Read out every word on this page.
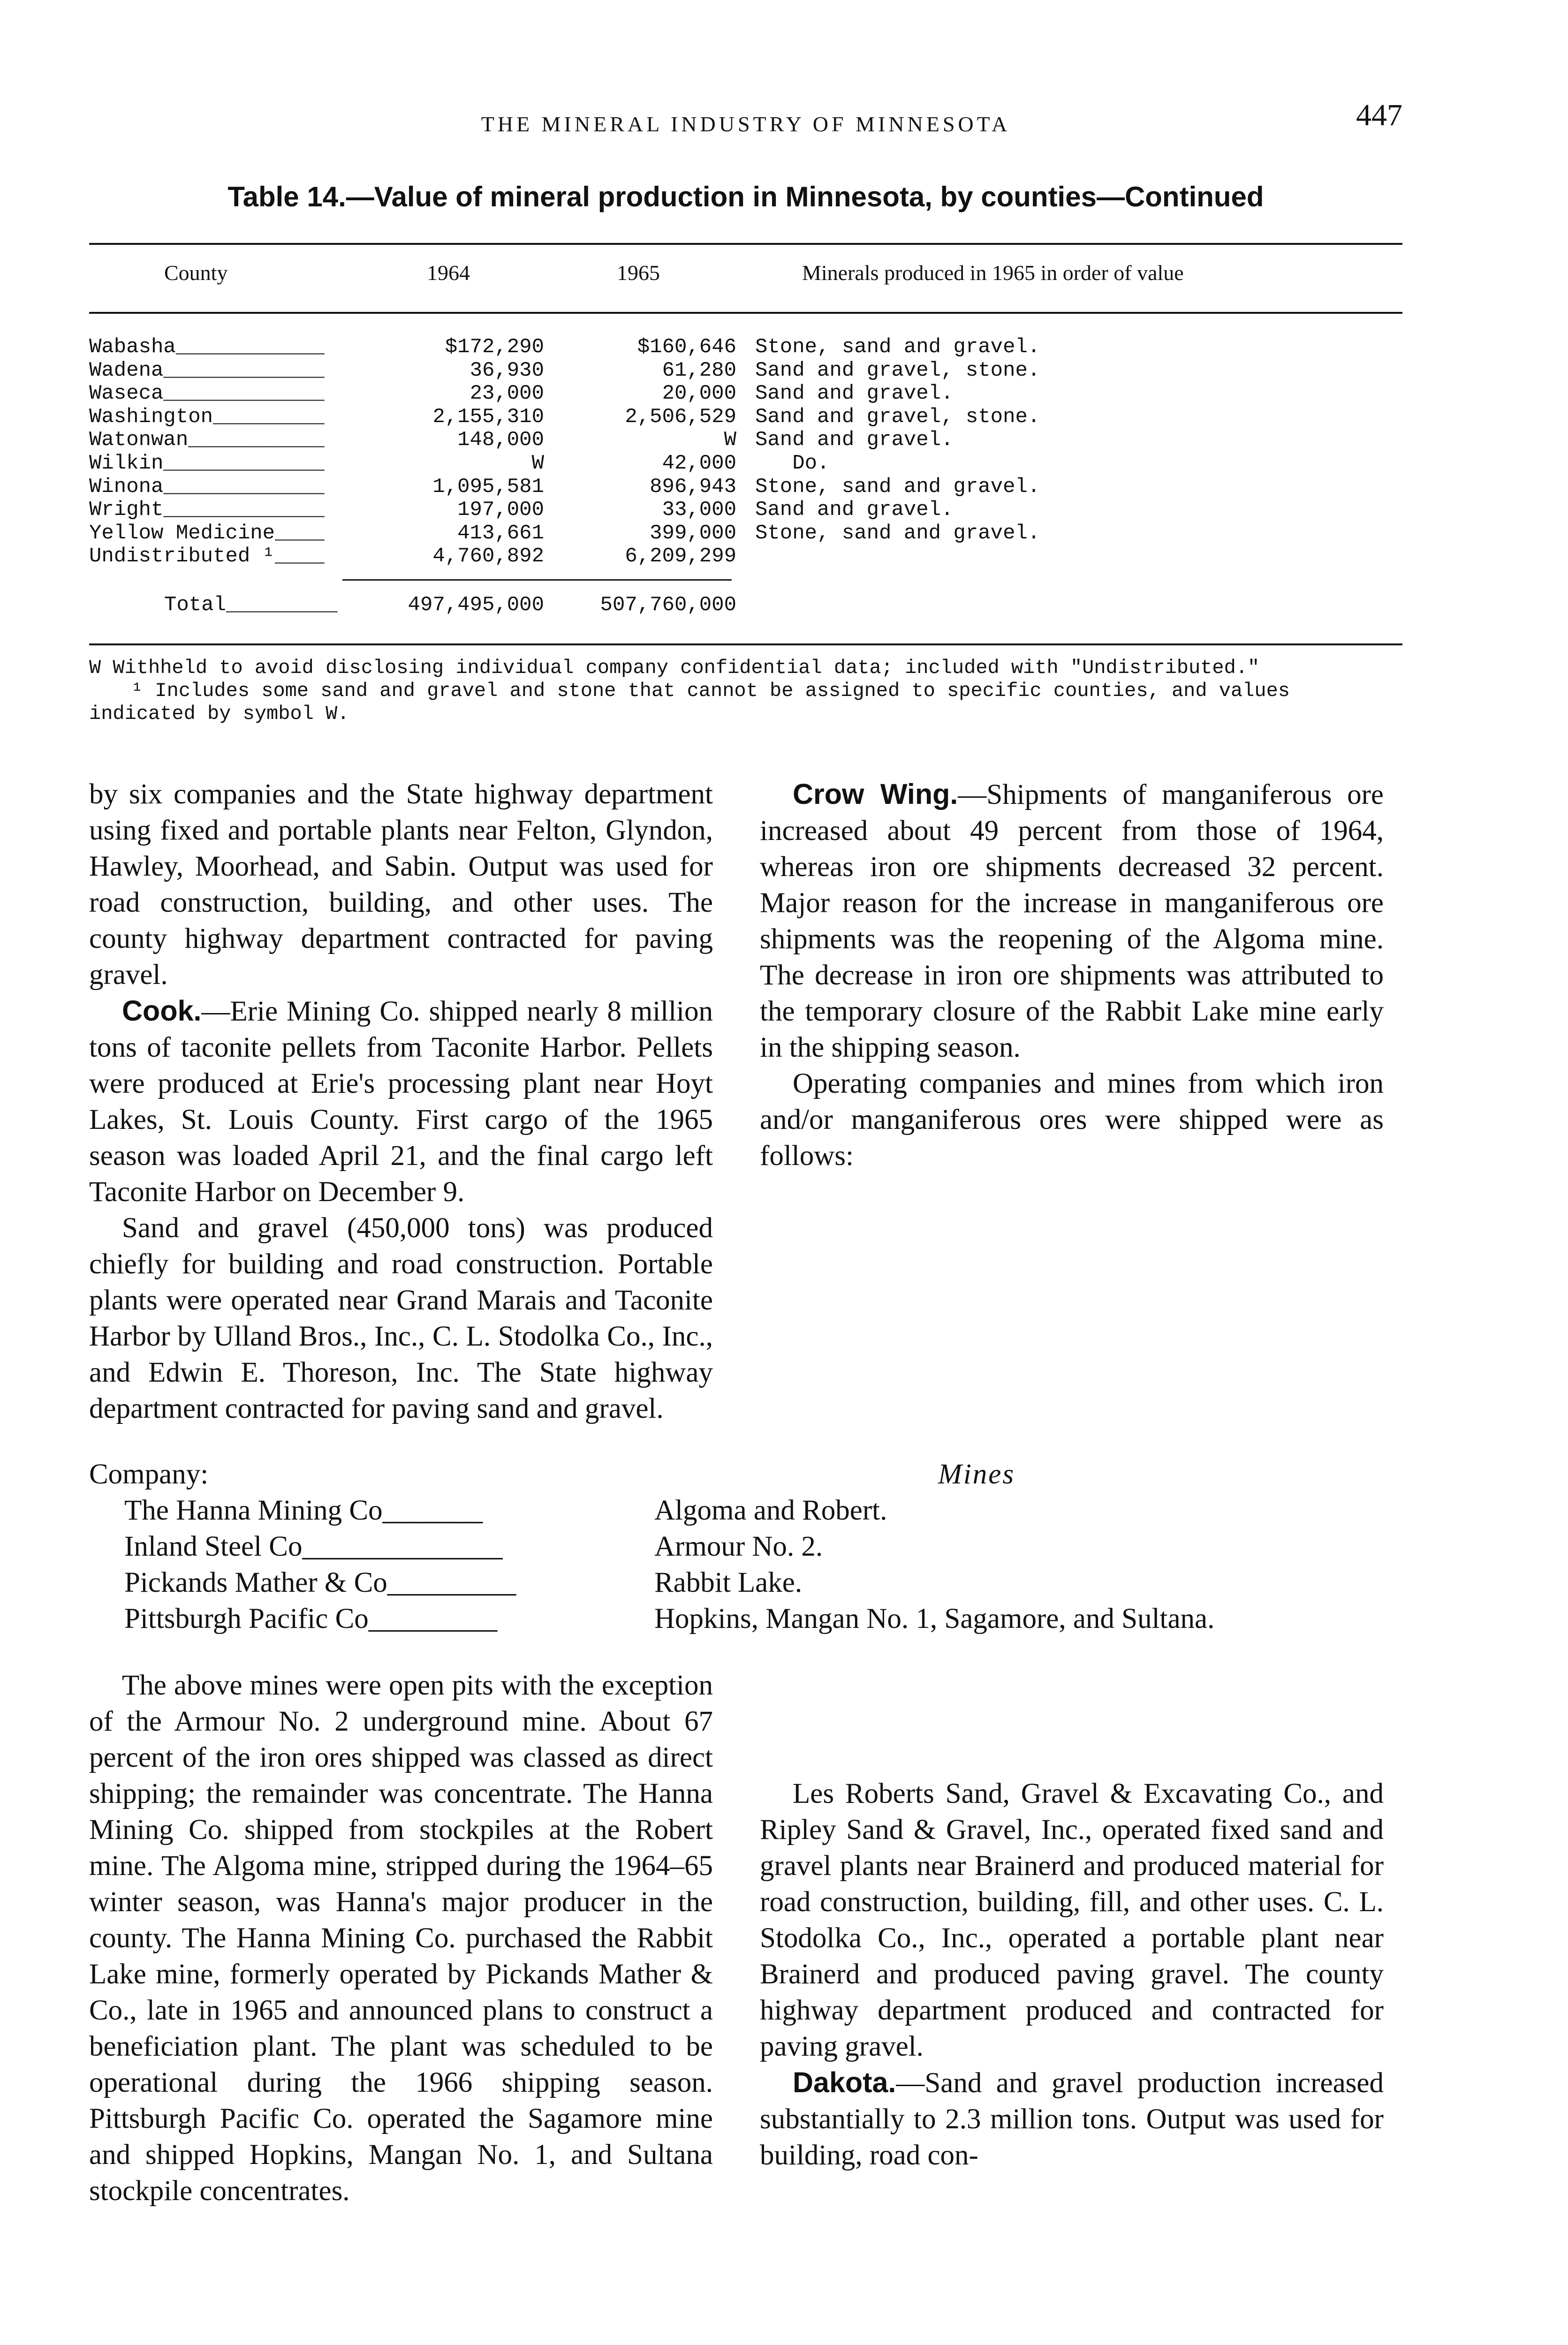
THE MINERAL INDUSTRY OF MINNESOTA	447
Table 14.—Value of mineral production in Minnesota, by counties—Continued
County	1964	1965	Minerals produced in 1965 in order of value
Wabasha____________	$172,290	$160,646 Stone, sand and gravel.
Wadena_____________	36,930	61,280 Sand and gravel, stone.
Waseca_____________	23,000	20,000 Sand and gravel.
Washington_________	2,155,310	2,506,529 Sand and gravel, stone.
Watonwan___________	148,000	W Sand and gravel.
Wilkin_____________	W	42,000 Do.
Winona_____________	1,095,581	896,943 Stone, sand and gravel.
Wright_____________	197,000	33,000 Sand and gravel.
Yellow Medicine____	413,661	399,000 Stone, sand and gravel.
Undistributed ¹____	4,760,892	6,209,299
Total_________	497,495,000	507,760,000

W Withheld to avoid disclosing individual company confidential data; included with "Undistributed."

¹ Includes some sand and gravel and stone that cannot be assigned to specific counties, and values indicated by symbol W.

by six companies and the State highway department using fixed and portable plants near Felton, Glyndon, Hawley, Moorhead, and Sabin. Output was used for road construction, building, and other uses. The county highway department contracted for paving gravel.

Cook.—Erie Mining Co. shipped nearly 8 million tons of taconite pellets from Taconite Harbor. Pellets were produced at Erie's processing plant near Hoyt Lakes, St. Louis County. First cargo of the 1965 season was loaded April 21, and the final cargo left Taconite Harbor on December 9.

Sand and gravel (450,000 tons) was produced chiefly for building and road construction. Portable plants were operated near Grand Marais and Taconite Harbor by Ulland Bros., Inc., C. L. Stodolka Co., Inc., and Edwin E. Thoreson, Inc. The State highway department contracted for paving sand and gravel.

Crow Wing.—Shipments of manganiferous ore increased about 49 percent from those of 1964, whereas iron ore shipments decreased 32 percent. Major reason for the increase in manganiferous ore shipments was the reopening of the Algoma mine. The decrease in iron ore shipments was attributed to the temporary closure of the Rabbit Lake mine early in the shipping season.

Operating companies and mines from which iron and/or manganiferous ores were shipped were as follows:

Company:	Mines
The Hanna Mining Co_______	Algoma and Robert.
Inland Steel Co______________	Armour No. 2.
Pickands Mather & Co_________	Rabbit Lake.
Pittsburgh Pacific Co_________	Hopkins, Mangan No. 1, Sagamore, and Sultana.

The above mines were open pits with the exception of the Armour No. 2 underground mine. About 67 percent of the iron ores shipped was classed as direct shipping; the remainder was concentrate. The Hanna Mining Co. shipped from stockpiles at the Robert mine. The Algoma mine, stripped during the 1964–65 winter season, was Hanna's major producer in the county. The Hanna Mining Co. purchased the Rabbit Lake mine, formerly operated by Pickands Mather & Co., late in 1965 and announced plans to construct a beneficiation plant. The plant was scheduled to be operational during the 1966 shipping season. Pittsburgh Pacific Co. operated the Sagamore mine and shipped Hopkins, Mangan No. 1, and Sultana stockpile concentrates.

Les Roberts Sand, Gravel & Excavating Co., and Ripley Sand & Gravel, Inc., operated fixed sand and gravel plants near Brainerd and produced material for road construction, building, fill, and other uses. C. L. Stodolka Co., Inc., operated a portable plant near Brainerd and produced paving gravel. The county highway department produced and contracted for paving gravel.

Dakota.—Sand and gravel production increased substantially to 2.3 million tons. Output was used for building, road con-
